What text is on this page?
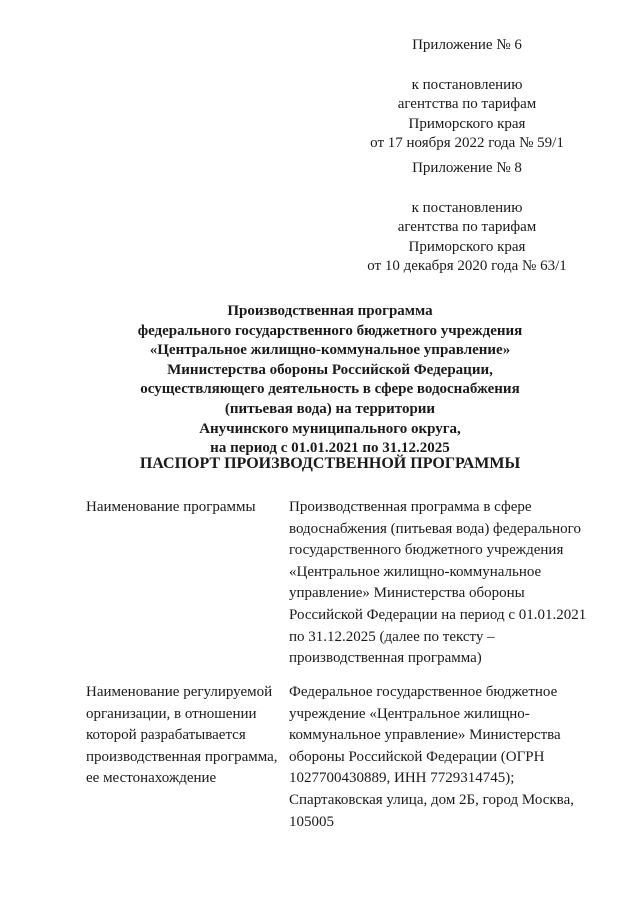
Приложение № 6
к постановлению
агентства по тарифам
Приморского края
от 17 ноября 2022 года № 59/1
Приложение № 8
к постановлению
агентства по тарифам
Приморского края
от 10 декабря 2020 года № 63/1
Производственная программа
федерального государственного бюджетного учреждения
«Центральное жилищно-коммунальное управление»
Министерства обороны Российской Федерации,
осуществляющего деятельность в сфере водоснабжения
(питьевая вода) на территории
Анучинского муниципального округа,
на период с 01.01.2021 по 31.12.2025
ПАСПОРТ ПРОИЗВОДСТВЕННОЙ ПРОГРАММЫ
Наименование программы	Производственная программа в сфере
водоснабжения (питьевая вода) федерального
государственного бюджетного учреждения
«Центральное жилищно-коммунальное
управление» Министерства обороны
Российской Федерации на период с 01.01.2021
по 31.12.2025 (далее по тексту –
производственная программа)
Наименование регулируемой
организации, в отношении
которой разрабатывается
производственная программа,
ее местонахождение
Федеральное государственное бюджетное
учреждение «Центральное жилищно-
коммунальное управление» Министерства
обороны Российской Федерации (ОГРН
1027700430889, ИНН 7729314745);
Спартаковская улица, дом 2Б, город Москва,
105005
